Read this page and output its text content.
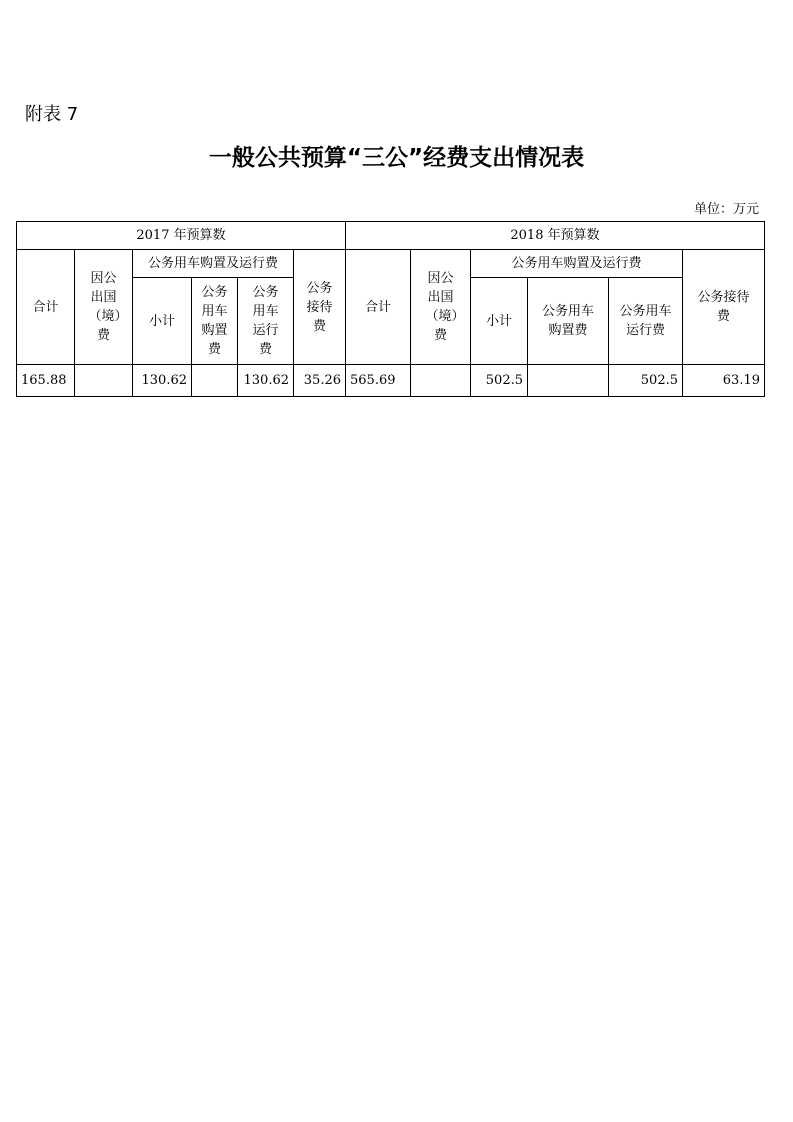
附表 7
一般公共预算“三公”经费支出情况表
单位：万元
2017 年预算数						2018 年预算数					
合计	因公出国（境）费	公务用车购置及运行费			公务接待费	合计	因公出国（境）费	公务用车购置及运行费			公务接待费

		小计	公务用车购置费	公务用车运行费				小计	公务用车购置费	公务用车运行费	

165.88		130.62		130.62	35.26	565.69		502.5		502.5	63.19
